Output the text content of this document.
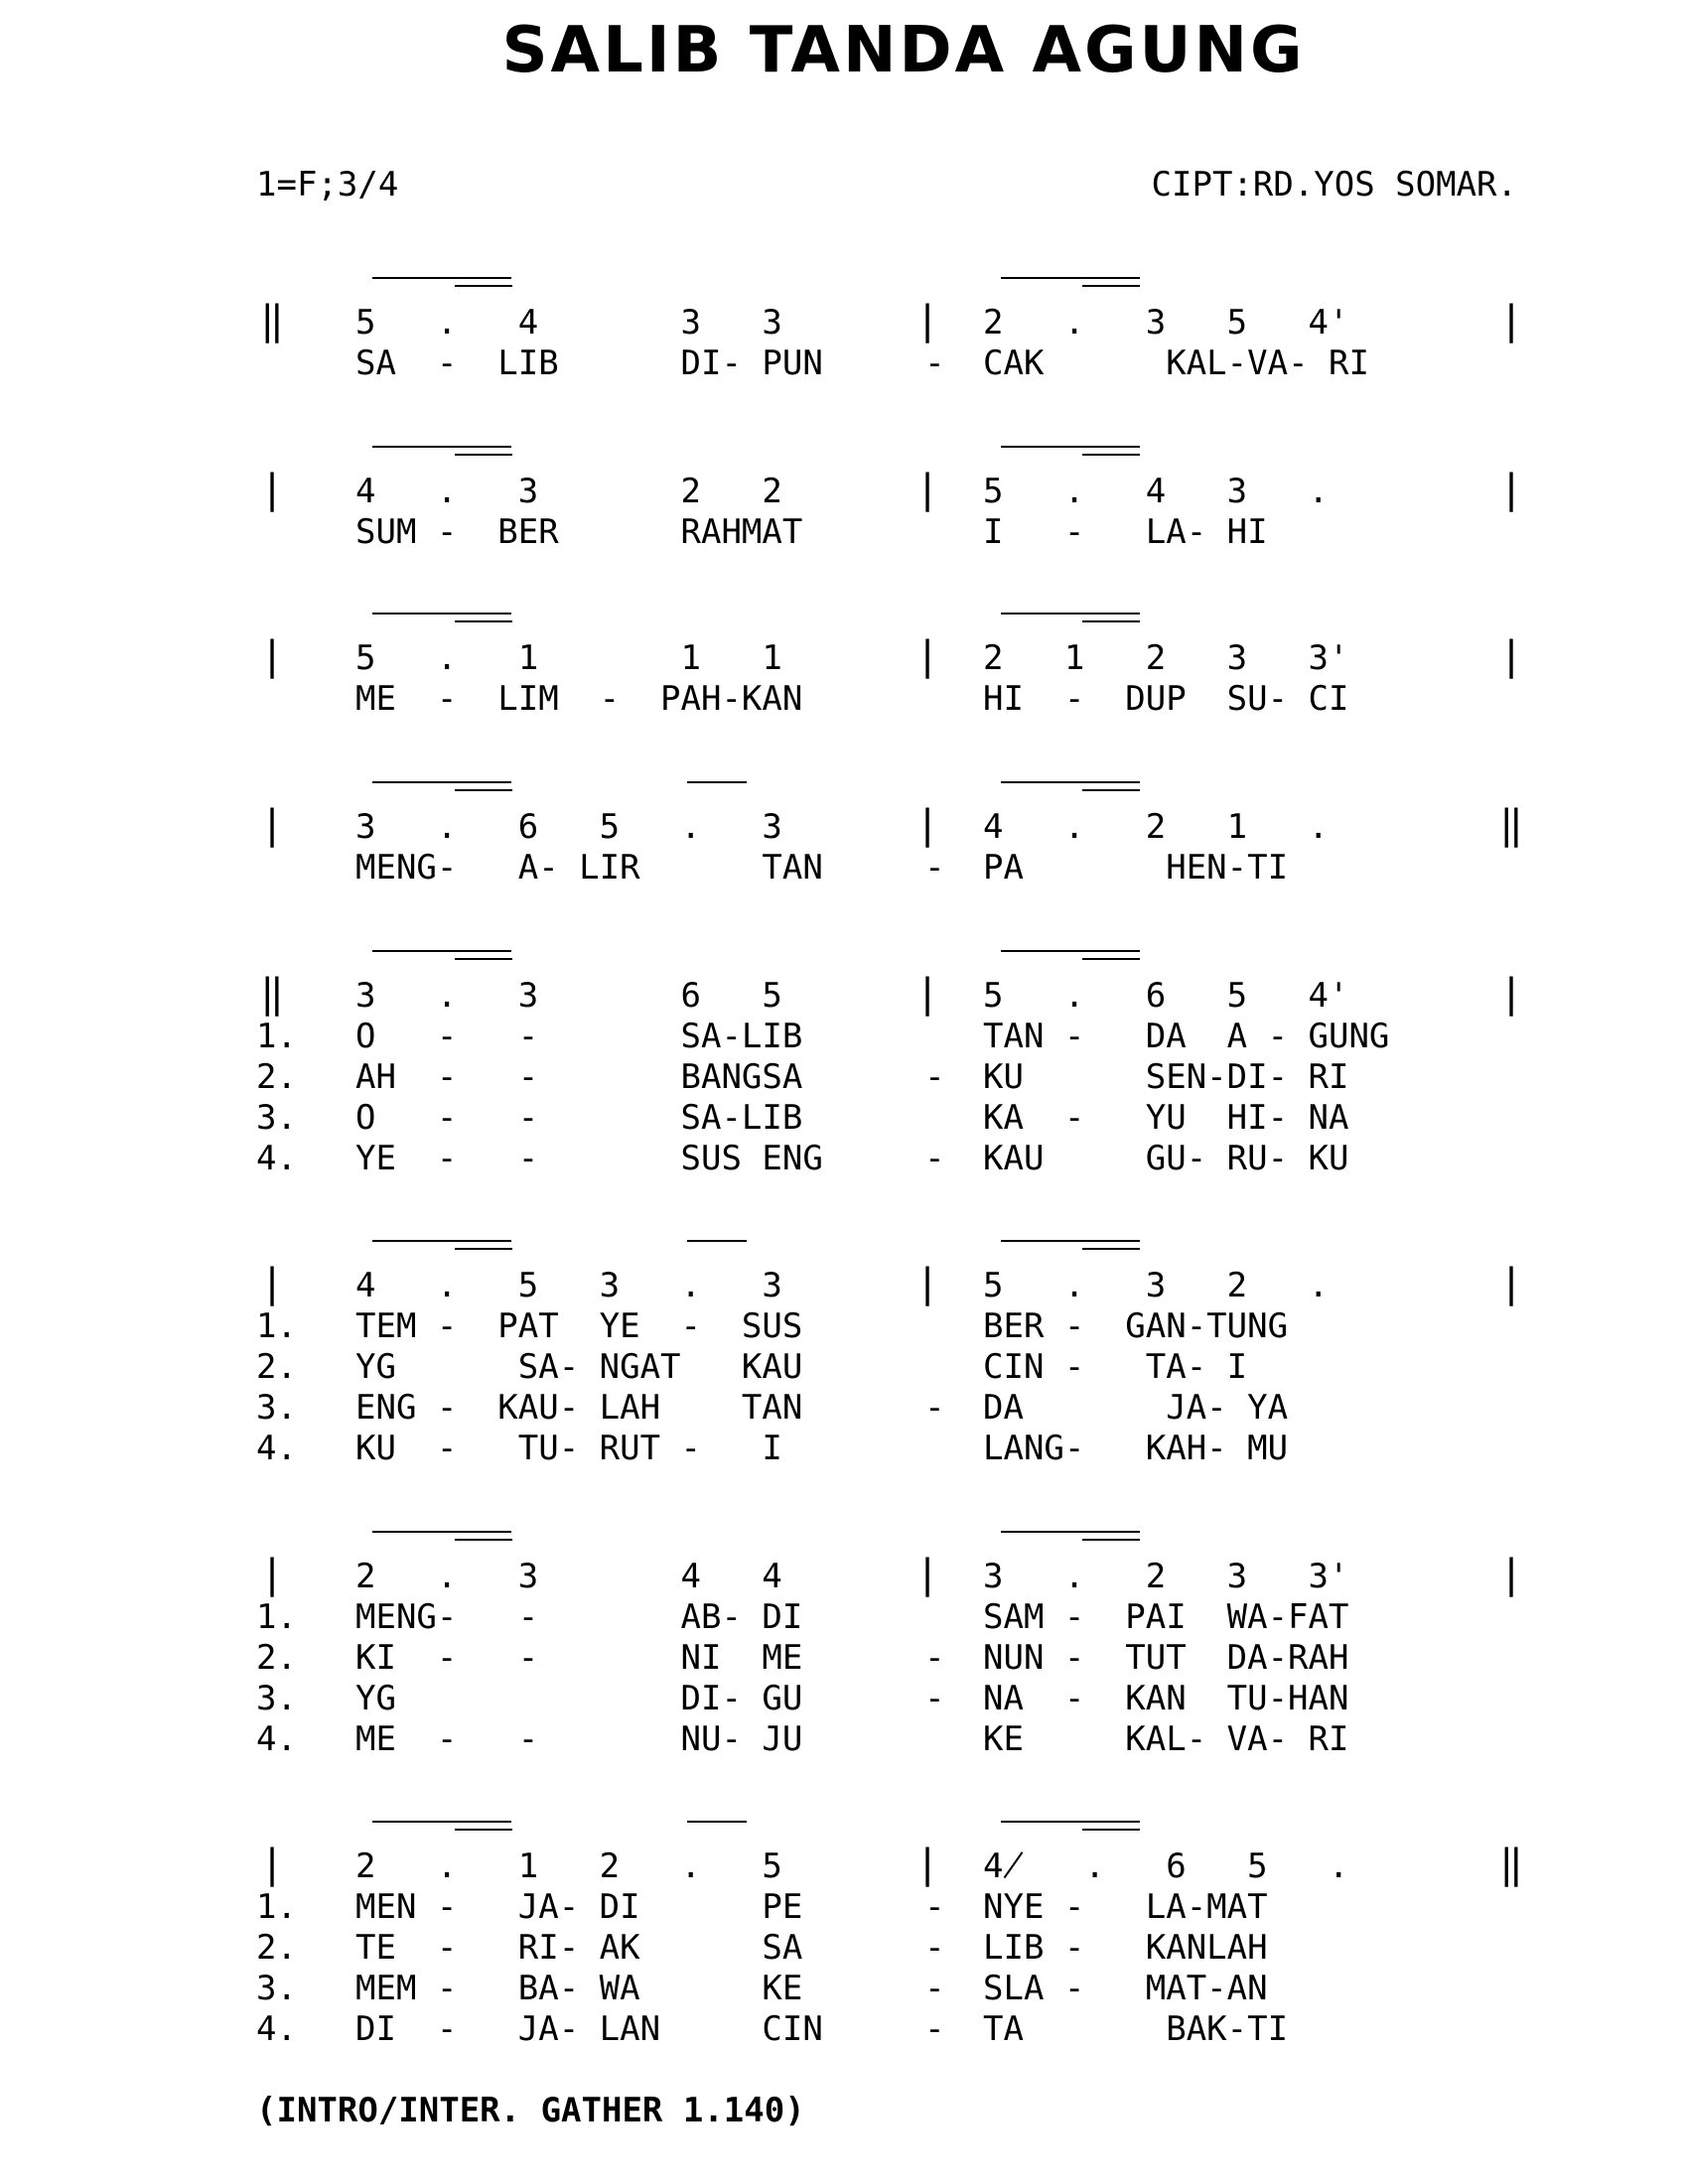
SALIB TANDA AGUNG
1=F;3/4	CIPT:RD.YOS SOMAR.
‖	|	|
5   .   4       3   3	2   .   3   5   4'
SA  -  LIB      DI- PUN     - CAK      KAL-VA- RI
|	|	|
4   .   3       2   2	5   .   4   3   .
SUM -  BER      RAHMAT	I   -   LA- HI
|	|	|
5   .   1       1   1	2   1   2   3   3'
ME  -  LIM  -  PAH-KAN	HI  -  DUP  SU- CI
|	|	‖
3   .   6   5   .   3	4   .   2   1   .
MENG-   A- LIR      TAN     - PA       HEN-TI
‖	|	|
3   .   3       6   5	5   .   6   5   4'
1. O   -   -       SA-LIB	TAN -   DA  A - GUNG
2. AH  -   -       BANGSA      - KU      SEN-DI- RI
3. O   -   -       SA-LIB	KA  -   YU  HI- NA
4. YE  -   -       SUS ENG     - KAU     GU- RU- KU
|	|	|
4   .   5   3   .   3	5   .   3   2   .
1. TEM -  PAT  YE  -  SUS	BER -  GAN-TUNG
2. YG      SA- NGAT   KAU	CIN -   TA- I
3. ENG -  KAU- LAH    TAN      - DA       JA- YA
4. KU  -   TU- RUT -   I	LANG-   KAH- MU
|	|	|
2   .   3       4   4	3   .   2   3   3'
1. MENG-   -       AB- DI	SAM -  PAI  WA-FAT
2. KI  -   -       NI  ME      - NUN -  TUT  DA-RAH
3. YG              DI- GU      - NA  -  KAN  TU-HAN
4. ME  -   -       NU- JU	KE     KAL- VA- RI
|	|	‖
2   .   1   2   .   5	4̸   .   6   5   .
1. MEN -   JA- DI      PE      - NYE -   LA-MAT
2. TE  -   RI- AK      SA      - LIB -   KANLAH
3. MEM -   BA- WA      KE      - SLA -   MAT-AN
4. DI  -   JA- LAN     CIN     - TA       BAK-TI
(INTRO/INTER. GATHER 1.140)
